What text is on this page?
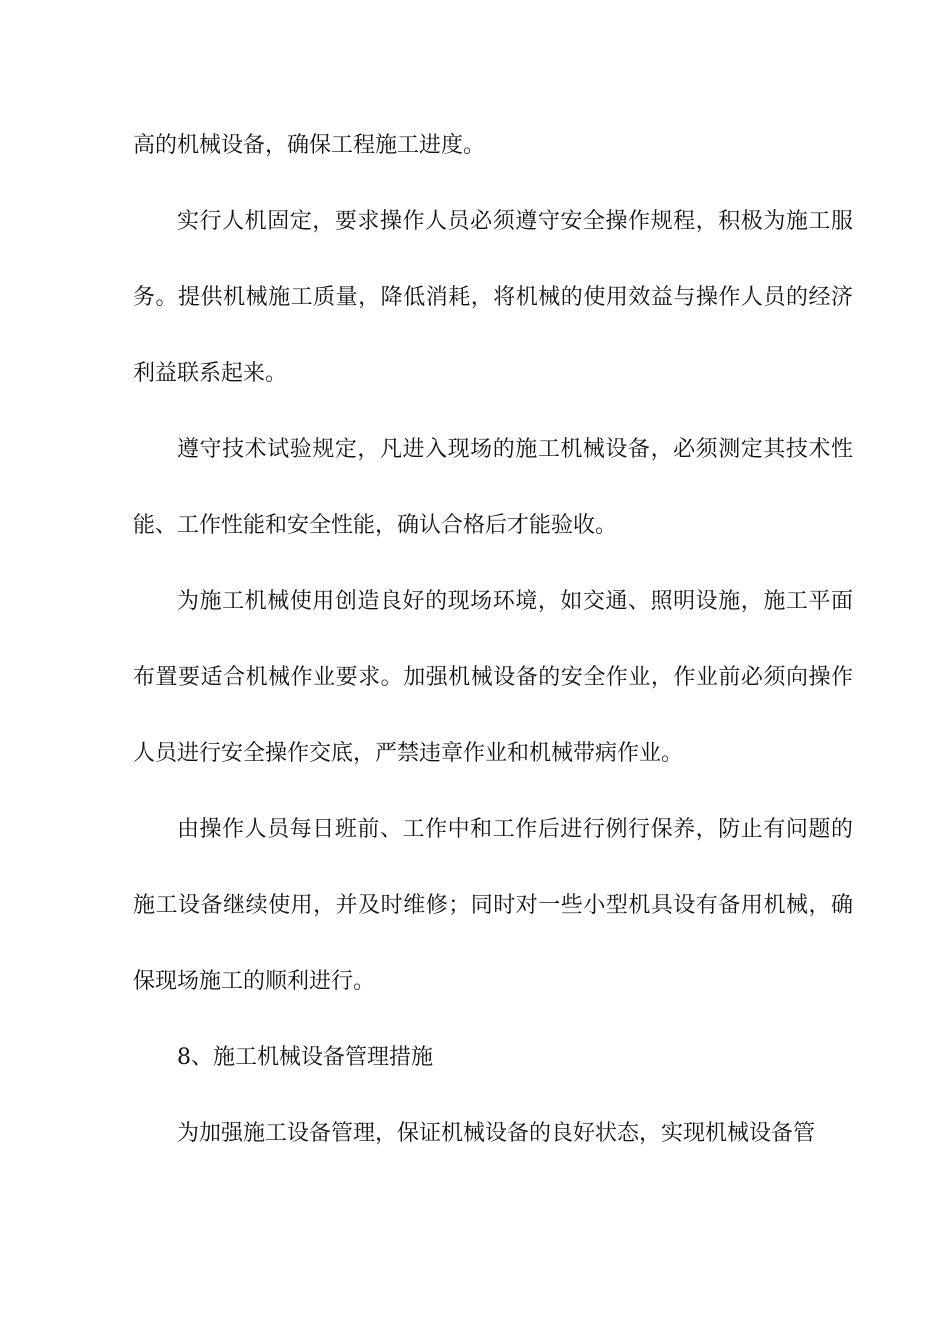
高的机械设备，确保工程施工进度。
实行人机固定，要求操作人员必须遵守安全操作规程，积极为施工服
务。提供机械施工质量，降低消耗，将机械的使用效益与操作人员的经济
利益联系起来。
遵守技术试验规定，凡进入现场的施工机械设备，必须测定其技术性
能、工作性能和安全性能，确认合格后才能验收。
为施工机械使用创造良好的现场环境，如交通、照明设施，施工平面
布置要适合机械作业要求。加强机械设备的安全作业，作业前必须向操作
人员进行安全操作交底，严禁违章作业和机械带病作业。
由操作人员每日班前、工作中和工作后进行例行保养，防止有问题的
施工设备继续使用，并及时维修；同时对一些小型机具设有备用机械，确
保现场施工的顺利进行。
8、施工机械设备管理措施
为加强施工设备管理，保证机械设备的良好状态，实现机械设备管
